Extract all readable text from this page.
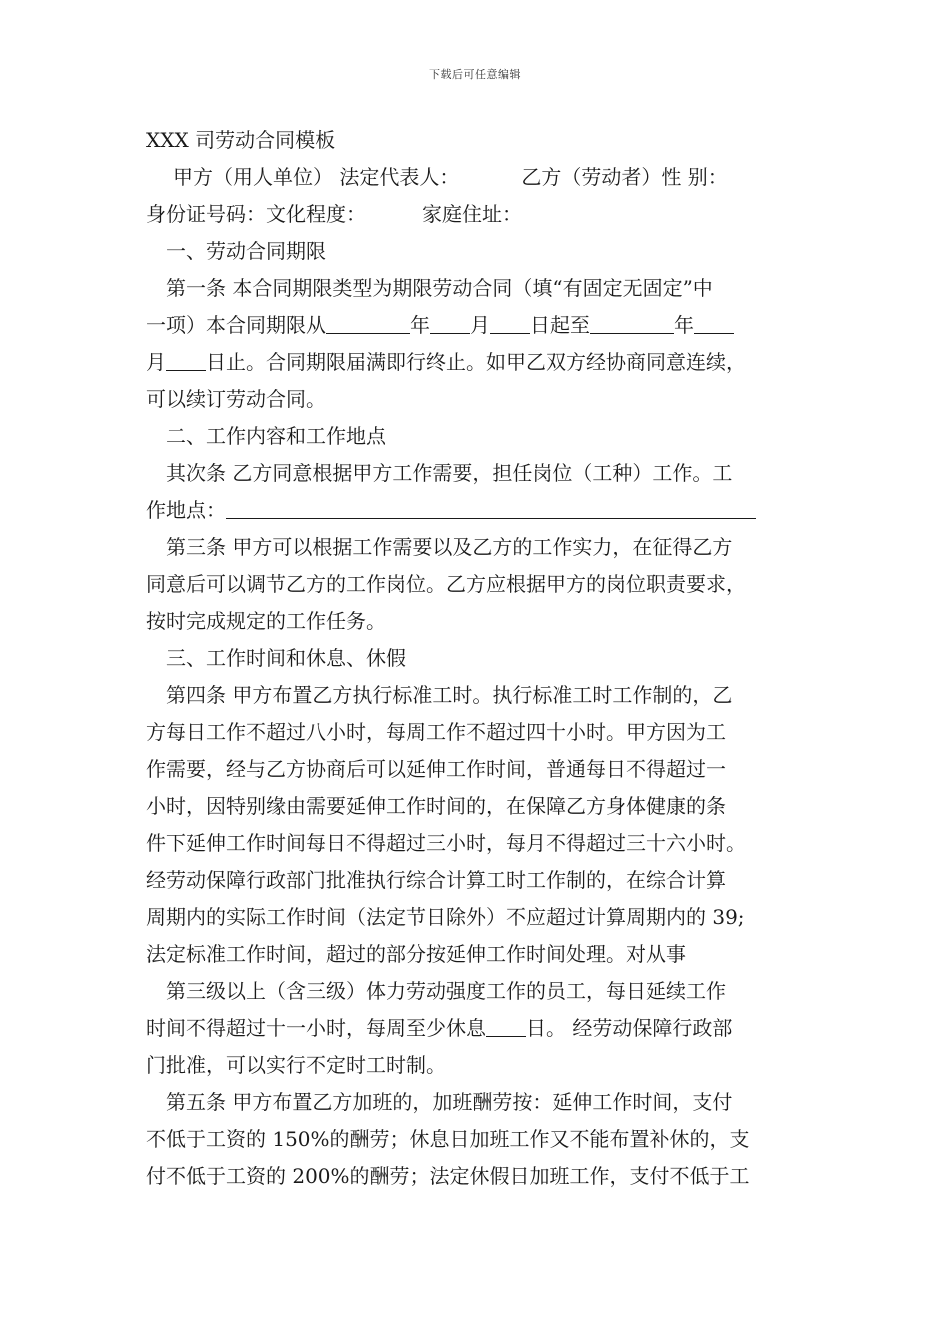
下载后可任意编辑
XXX 司劳动合同模板
甲方（用人单位） 法定代表人：	乙方（劳动者）性 别：
身份证号码：文化程度：	家庭住址：
一、劳动合同期限
第一条 本合同期限类型为期限劳动合同（填“有固定无固定”中
一项）本合同期限从	年 月 日起至	年
月 日止。合同期限届满即行终止。如甲乙双方经协商同意连续，
可以续订劳动合同。
二、工作内容和工作地点
其次条 乙方同意根据甲方工作需要，担任岗位（工种）工作。工
作地点：
第三条 甲方可以根据工作需要以及乙方的工作实力，在征得乙方
同意后可以调节乙方的工作岗位。乙方应根据甲方的岗位职责要求，
按时完成规定的工作任务。
三、工作时间和休息、休假
第四条 甲方布置乙方执行标准工时。执行标准工时工作制的，乙
方每日工作不超过八小时，每周工作不超过四十小时。甲方因为工
作需要，经与乙方协商后可以延伸工作时间，普通每日不得超过一
小时，因特别缘由需要延伸工作时间的，在保障乙方身体健康的条
件下延伸工作时间每日不得超过三小时，每月不得超过三十六小时。
经劳动保障行政部门批准执行综合计算工时工作制的，在综合计算
周期内的实际工作时间（法定节日除外）不应超过计算周期内的 39;
法定标准工作时间，超过的部分按延伸工作时间处理。对从事
第三级以上（含三级）体力劳动强度工作的员工，每日延续工作
时间不得超过十一小时，每周至少休息 日。 经劳动保障行政部
门批准，可以实行不定时工时制。
第五条 甲方布置乙方加班的，加班酬劳按：延伸工作时间，支付
不低于工资的 150%的酬劳；休息日加班工作又不能布置补休的，支
付不低于工资的 200%的酬劳；法定休假日加班工作，支付不低于工
